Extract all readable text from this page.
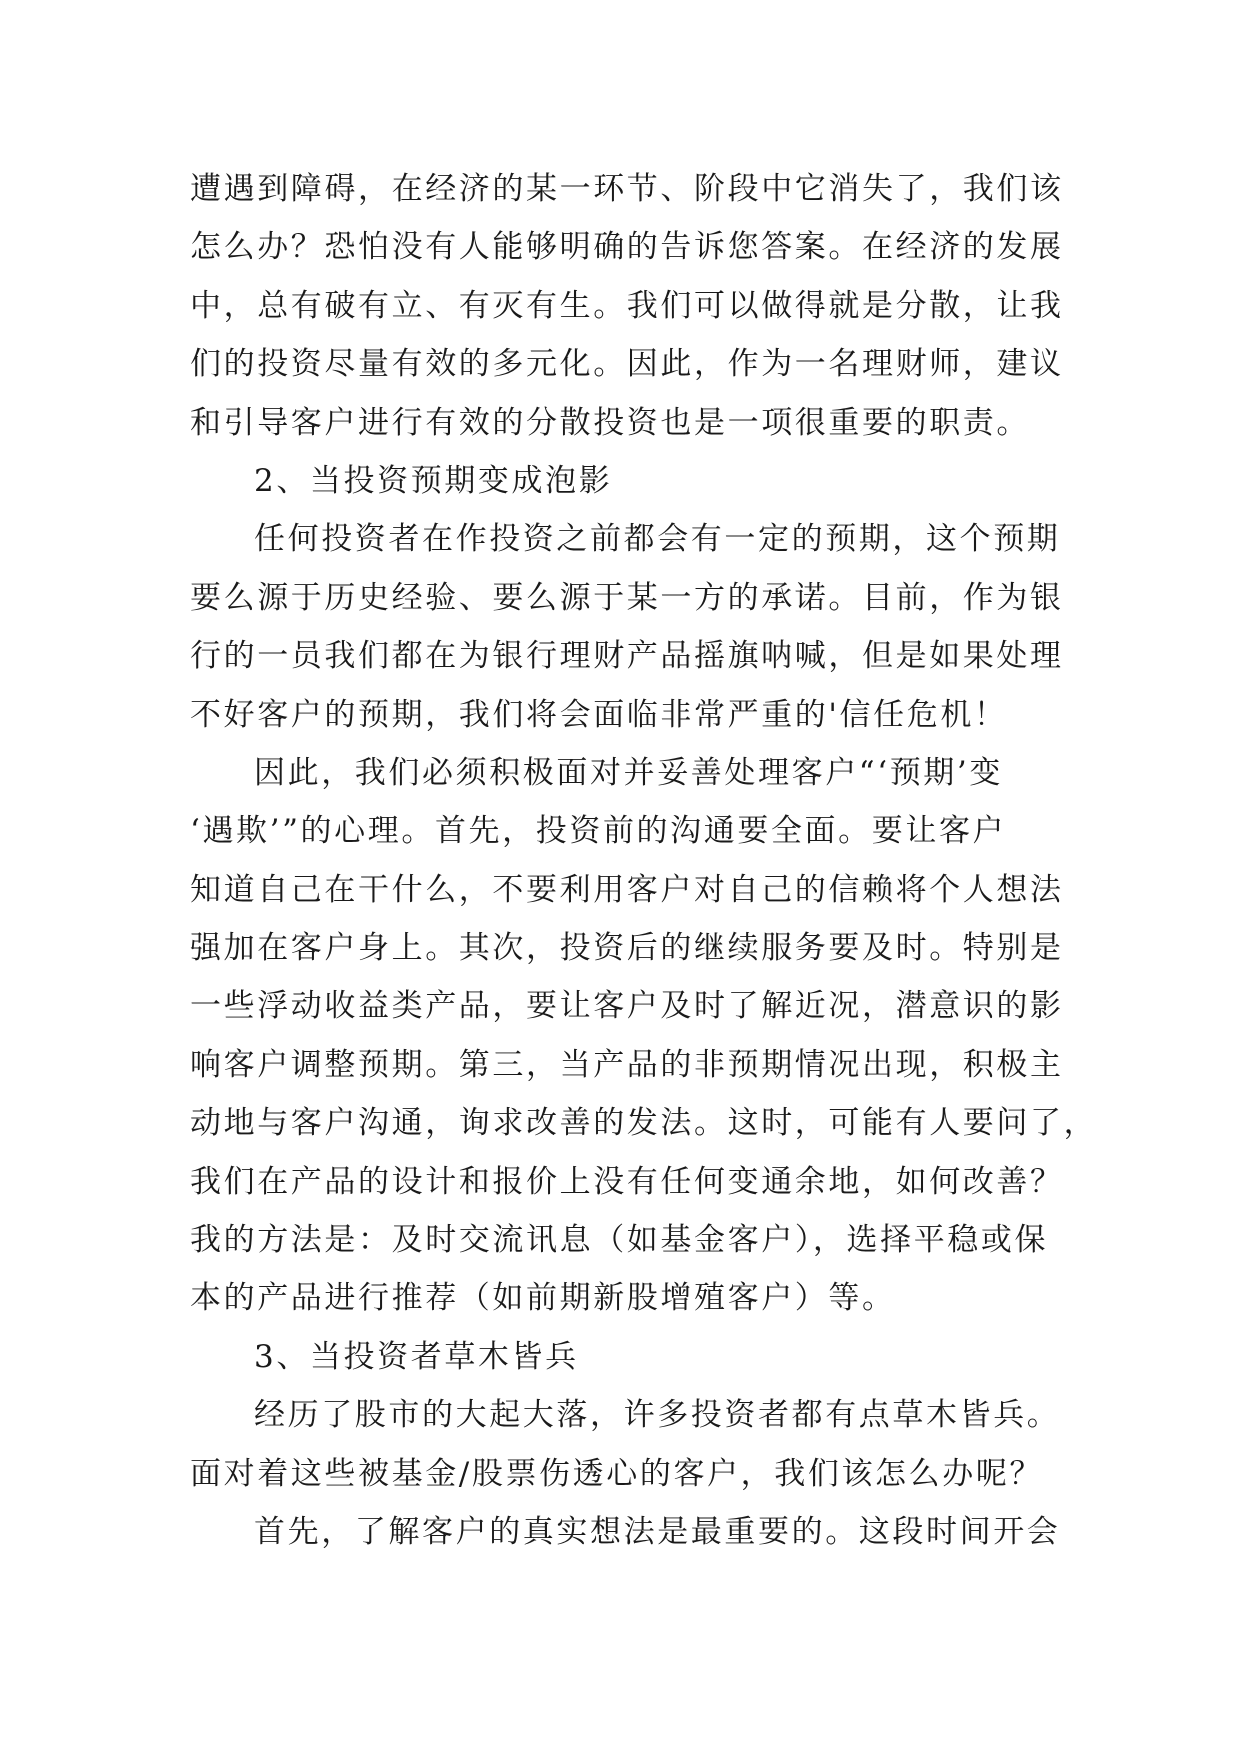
遭遇到障碍，在经济的某一环节、阶段中它消失了，我们该
怎么办？恐怕没有人能够明确的告诉您答案。在经济的发展
中，总有破有立、有灭有生。我们可以做得就是分散，让我
们的投资尽量有效的多元化。因此，作为一名理财师，建议
和引导客户进行有效的分散投资也是一项很重要的职责。
2、当投资预期变成泡影
任何投资者在作投资之前都会有一定的预期，这个预期
要么源于历史经验、要么源于某一方的承诺。目前，作为银
行的一员我们都在为银行理财产品摇旗呐喊，但是如果处理
不好客户的预期，我们将会面临非常严重的'信任危机！
因此，我们必须积极面对并妥善处理客户“‘预期’变
‘遇欺’”的心理。首先，投资前的沟通要全面。要让客户
知道自己在干什么，不要利用客户对自己的信赖将个人想法
强加在客户身上。其次，投资后的继续服务要及时。特别是
一些浮动收益类产品，要让客户及时了解近况，潜意识的影
响客户调整预期。第三，当产品的非预期情况出现，积极主
动地与客户沟通，询求改善的发法。这时，可能有人要问了，
我们在产品的设计和报价上没有任何变通余地，如何改善？
我的方法是：及时交流讯息（如基金客户），选择平稳或保
本的产品进行推荐（如前期新股增殖客户）等。
3、当投资者草木皆兵
经历了股市的大起大落，许多投资者都有点草木皆兵。
面对着这些被基金/股票伤透心的客户，我们该怎么办呢？
首先，了解客户的真实想法是最重要的。这段时间开会
